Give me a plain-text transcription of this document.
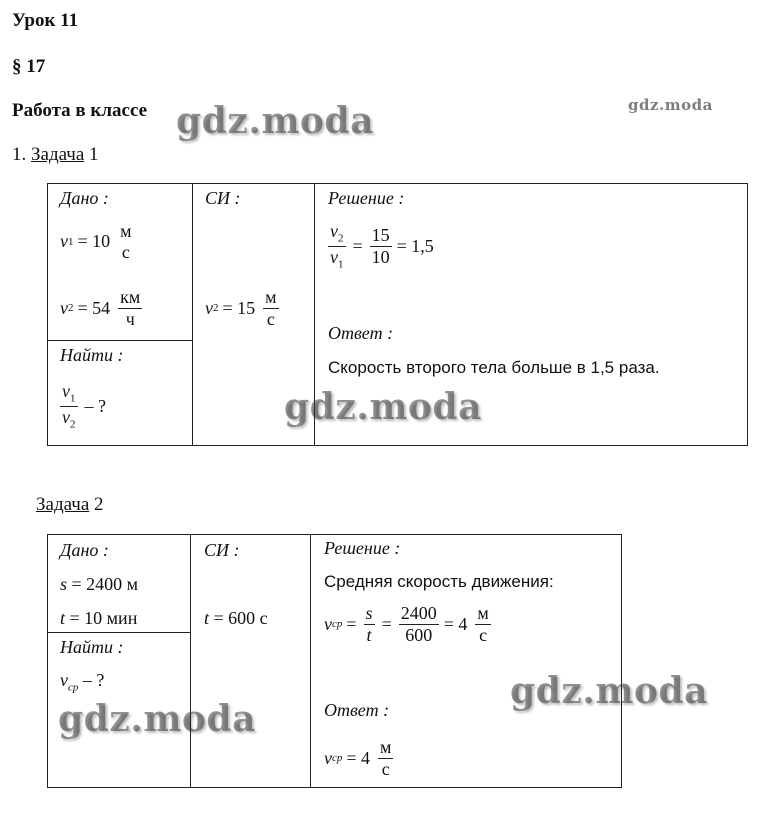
Урок 11
§ 17
Работа в классе
1. Задача 1
Дано :
v 1 = 10
м
с
v $2 = 54 \frac{км}{ч}$
Найти :
$\frac{v_1}{v_2}$ – ?
СИ :
v $2 = 15 \frac{м}{с}$
Решение :
$\frac{v_2}{v_1} = \frac{15}{10} = 1,5$
Ответ :
Скорость второго тела больше в 1,5 раза.
Задача 2
Дано :
s = 2400 м
t = 10 мин
Найти :
$v_{ср}$ – ?
СИ :
t = 600 с
Решение :
Средняя скорость движения:
v ср = $\frac{s}{t} = \frac{2400}{600} = 4 \frac{м}{с}$
Ответ :
v ср = $4 \frac{м}{с}$
gdz.moda
gdz.moda
gdz.moda
gdz.moda
gdz.moda
